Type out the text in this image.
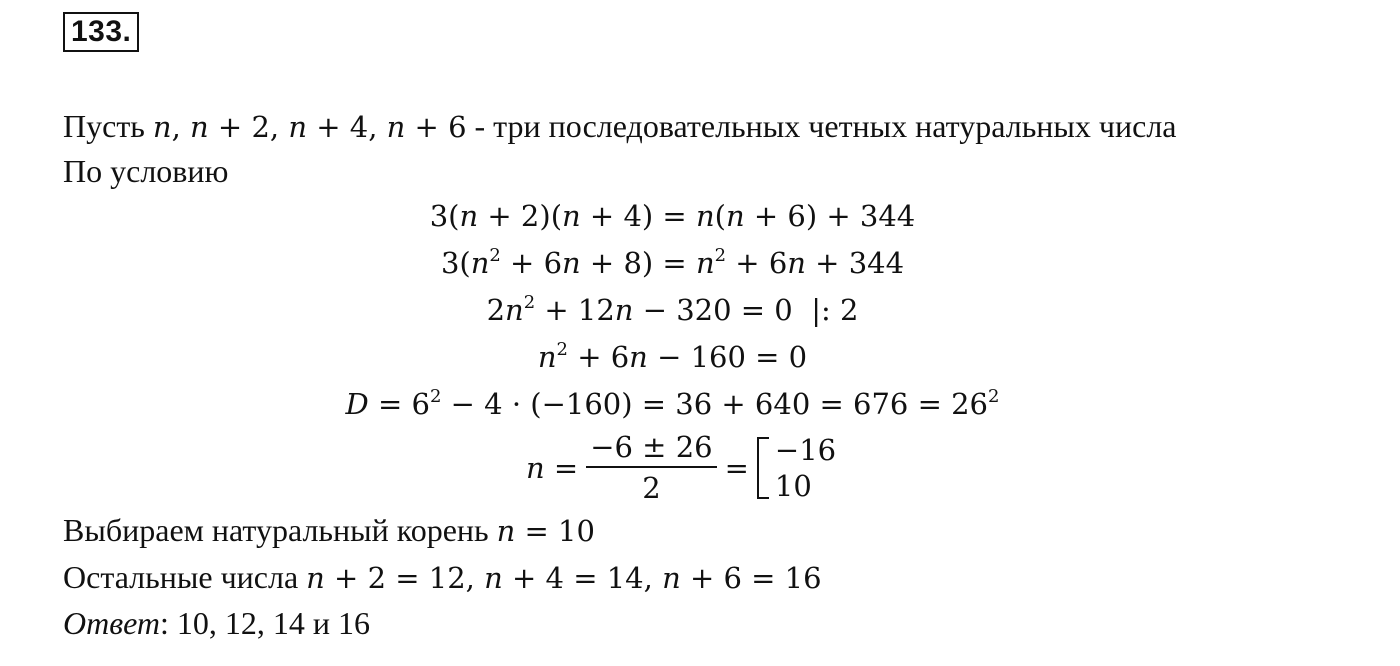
133.
Пусть n, n + 2, n + 4, n + 6 - три последовательных четных натуральных числа
По условию
3(n + 2)(n + 4) = n(n + 6) + 344
$3(n^2 + 6n + 8) = n^2 + 6n + 344$
$2n^2 + 12n - 320 = 0$  |: 2
$n^2 + 6n - 160 = 0$
$D = 6^2 - 4 \cdot (-160) = 36 + 640 = 676 = 26^2$
$n = \frac{-6 \pm 26}{2}$ =
−16
10
Выбираем натуральный корень n = 10
Остальные числа n + 2 = 12, n + 4 = 14, n + 6 = 16
Ответ: 10, 12, 14 и 16
